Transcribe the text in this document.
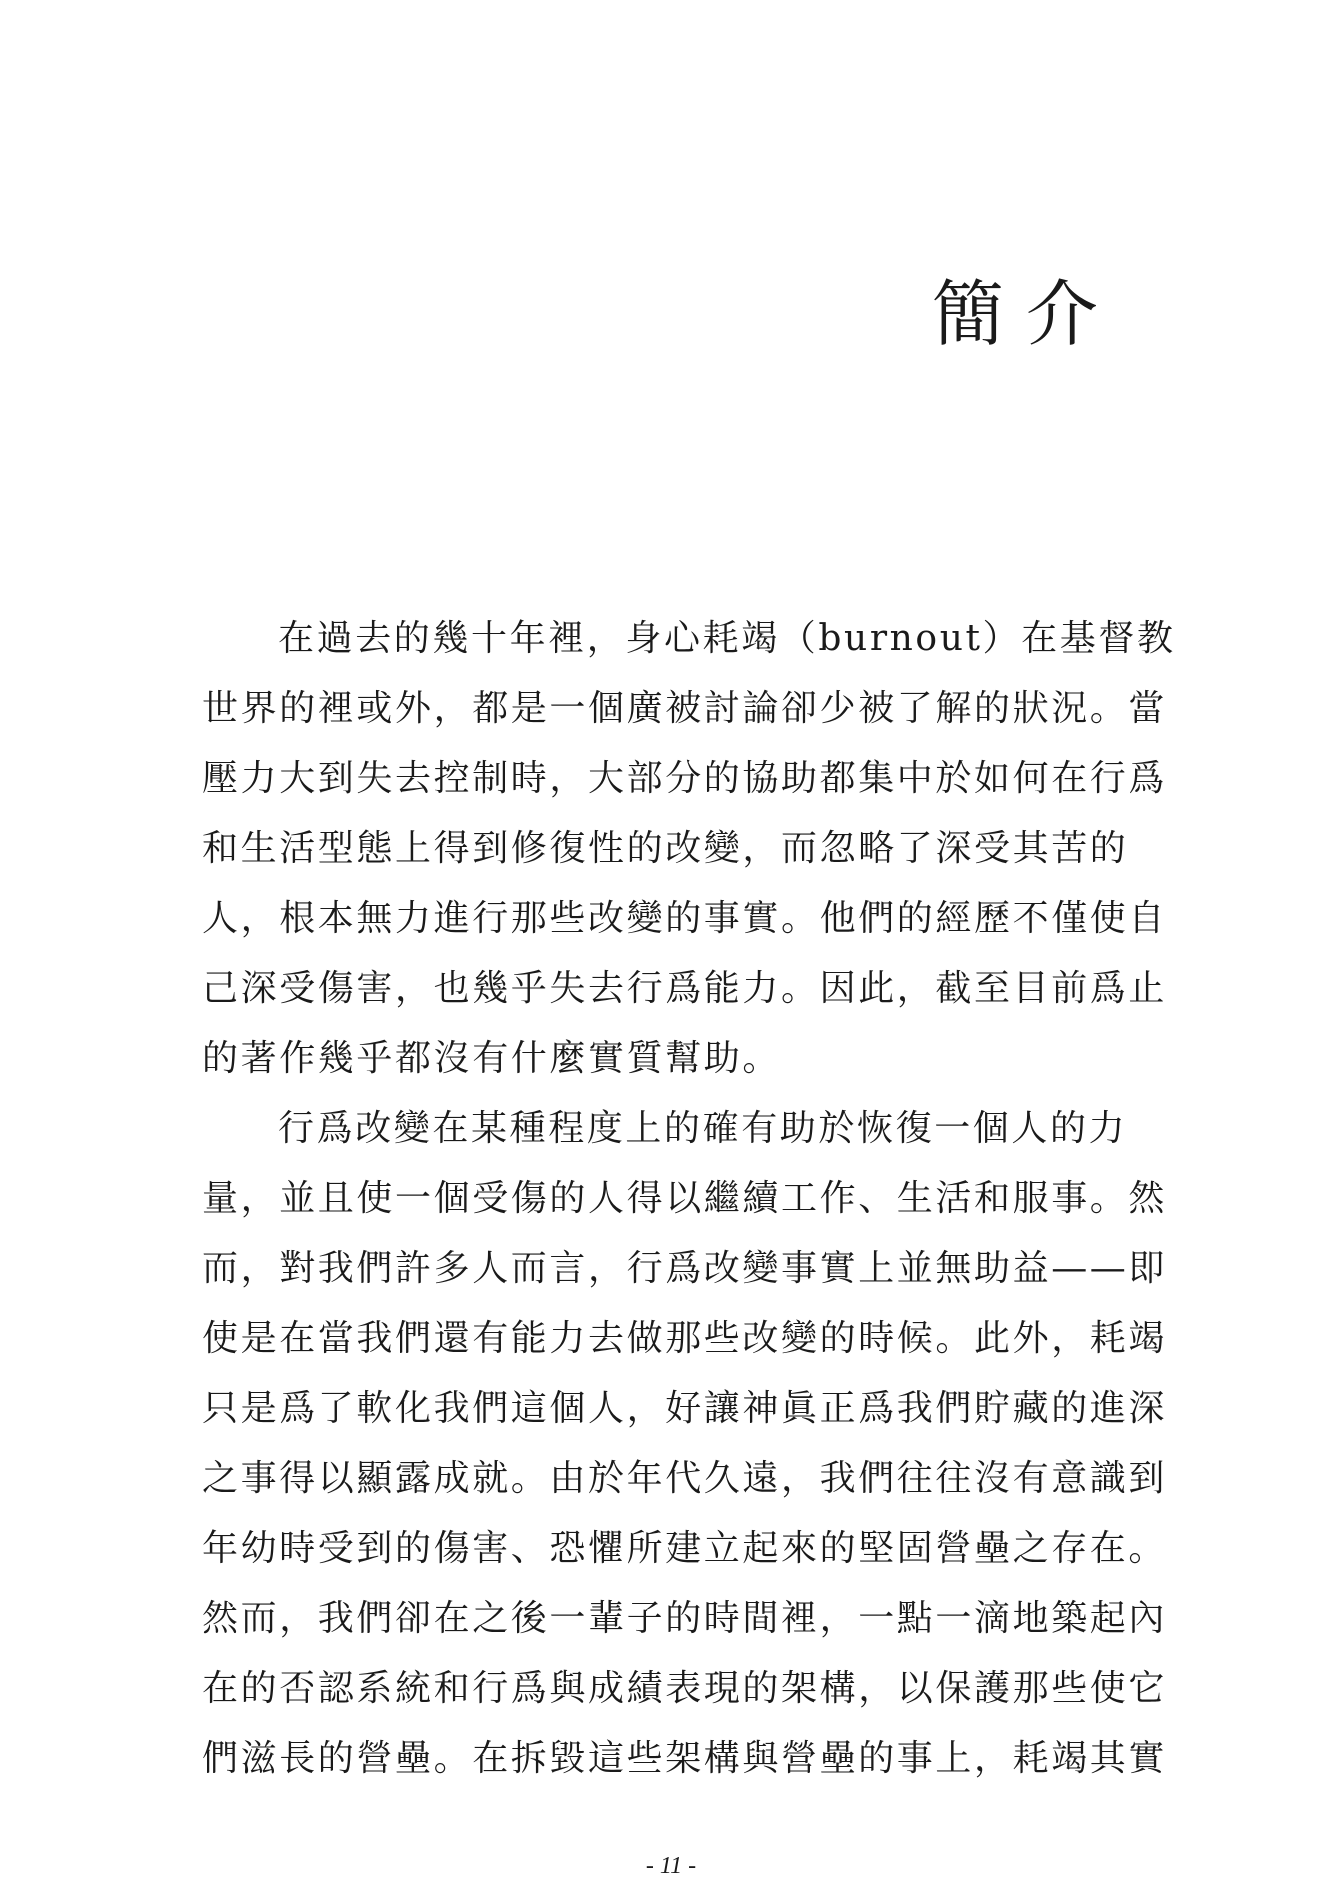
簡介
在過去的幾十年裡，身心耗竭（burnout）在基督教
世界的裡或外，都是一個廣被討論卻少被了解的狀況。當
壓力大到失去控制時，大部分的協助都集中於如何在行爲
和生活型態上得到修復性的改變，而忽略了深受其苦的
人，根本無力進行那些改變的事實。他們的經歷不僅使自
己深受傷害，也幾乎失去行爲能力。因此，截至目前爲止
的著作幾乎都沒有什麼實質幫助。
行爲改變在某種程度上的確有助於恢復一個人的力
量，並且使一個受傷的人得以繼續工作、生活和服事。然
而，對我們許多人而言，行爲改變事實上並無助益——即
使是在當我們還有能力去做那些改變的時候。此外，耗竭
只是爲了軟化我們這個人，好讓神眞正爲我們貯藏的進深
之事得以顯露成就。由於年代久遠，我們往往沒有意識到
年幼時受到的傷害、恐懼所建立起來的堅固營壘之存在。
然而，我們卻在之後一輩子的時間裡，一點一滴地築起內
在的否認系統和行爲與成績表現的架構，以保護那些使它
們滋長的營壘。在拆毀這些架構與營壘的事上，耗竭其實
- 11 -
